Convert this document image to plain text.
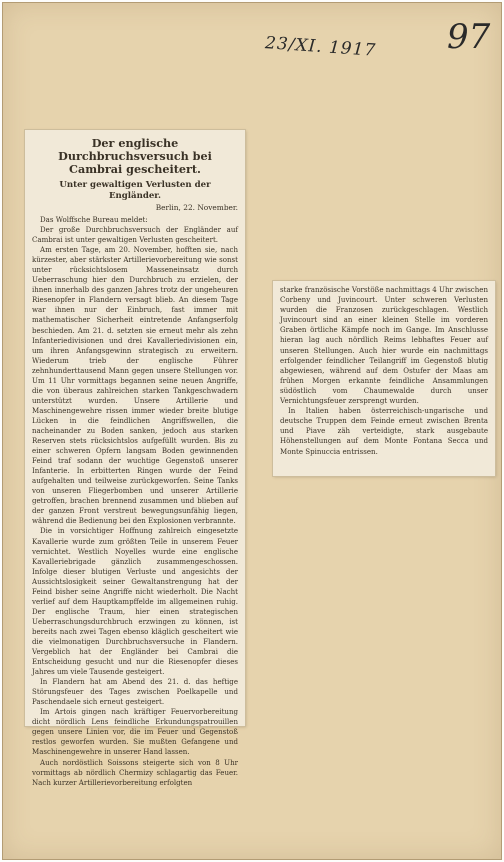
23/XI. 1917 97
Der englische Durchbruchsversuch bei Cambrai gescheitert.
Unter gewaltigen Verlusten der Engländer.
Berlin, 22. November.

Das Wolffsche Bureau meldet:

Der große Durchbruchsversuch der Engländer auf Cambrai ist unter gewaltigen Verlusten gescheitert.

Am ersten Tage, am 20. November, hofften sie, nach kürzester, aber stärkster Artillerievorbereitung wie sonst unter rücksichtslosem Masseneinsatz durch Ueberraschung hier den Durchbruch zu erzielen, der ihnen innerhalb des ganzen Jahres trotz der ungeheuren Riesenopfer in Flandern versagt blieb. An diesem Tage war ihnen nur der Einbruch, fast immer mit mathematischer Sicherheit eintretende Anfangserfolg beschieden. Am 21. d. setzten sie erneut mehr als zehn Infanteriedivisionen und drei Kavalleriedivisionen ein, um ihren Anfangsgewinn strategisch zu erweitern. Wiederum trieb der englische Führer zehnhunderttausend Mann gegen unsere Stellungen vor. Um 11 Uhr vormittags begannen seine neuen Angriffe, die von überaus zahlreichen starken Tankgeschwadern unterstützt wurden. Unsere Artillerie und Maschinengewehre rissen immer wieder breite blutige Lücken in die feindlichen Angriffswellen, die nacheinander zu Boden sanken, jedoch aus starken Reserven stets rücksichtslos aufgefüllt wurden. Bis zu einer schweren Opfern langsam Boden gewinnenden Feind traf sodann der wuchtige Gegenstoß unserer Infanterie. In erbitterten Ringen wurde der Feind aufgehalten und teilweise zurückgeworfen. Seine Tanks von unseren Fliegerbomben und unserer Artillerie getroffen, brachen brennend zusammen und blieben auf der ganzen Front verstreut bewegungsunfähig liegen, während die Bedienung bei den Explosionen verbrannte.

Die in vorsichtiger Hoffnung zahlreich eingesetzte Kavallerie wurde zum größten Teile in unserem Feuer vernichtet. Westlich Noyelles wurde eine englische Kavalleriebrigade gänzlich zusammengeschossen. Infolge dieser blutigen Verluste und angesichts der Aussichtslosigkeit seiner Gewaltanstrengung hat der Feind bisher seine Angriffe nicht wiederholt. Die Nacht verlief auf dem Hauptkampffelde im allgemeinen ruhig. Der englische Traum, hier einen strategischen Ueberraschungsdurchbruch erzwingen zu können, ist bereits nach zwei Tagen ebenso kläglich gescheitert wie die vielmonatigen Durchbruchsversuche in Flandern. Vergeblich hat der Engländer bei Cambrai die Entscheidung gesucht und nur die Riesenopfer dieses Jahres um viele Tausende gesteigert.

In Flandern hat am Abend des 21. d. das heftige Störungsfeuer des Tages zwischen Poelkapelle und Paschendaele sich erneut gesteigert.

Im Artois gingen nach kräftiger Feuervorbereitung dicht nördlich Lens feindliche Erkundungspatrouillen gegen unsere Linien vor, die im Feuer und Gegenstoß restlos geworfen wurden. Sie mußten Gefangene und Maschinengewehre in unserer Hand lassen.

Auch nordöstlich Soissons steigerte sich von 8 Uhr vormittags ab nördlich Chermizy schlagartig das Feuer. Nach kurzer Artillerievorbereitung erfolgten

starke französische Vorstöße nachmittags 4 Uhr zwischen Corbeny und Juvincourt. Unter schweren Verlusten wurden die Franzosen zurückgeschlagen. Westlich Juvincourt sind an einer kleinen Stelle im vorderen Graben örtliche Kämpfe noch im Gange. Im Anschlusse hieran lag auch nördlich Reims lebhaftes Feuer auf unseren Stellungen. Auch hier wurde ein nachmittags erfolgender feindlicher Teilangriff im Gegenstoß blutig abgewiesen, während auf dem Ostufer der Maas am frühen Morgen erkannte feindliche Ansammlungen südöstlich vom Chaumewalde durch unser Vernichtungsfeuer zersprengt wurden.

In Italien haben österreichisch-ungarische und deutsche Truppen dem Feinde erneut zwischen Brenta und Piave zäh verteidigte, stark ausgebaute Höhenstellungen auf dem Monte Fontana Secca und Monte Spinuccia entrissen.
